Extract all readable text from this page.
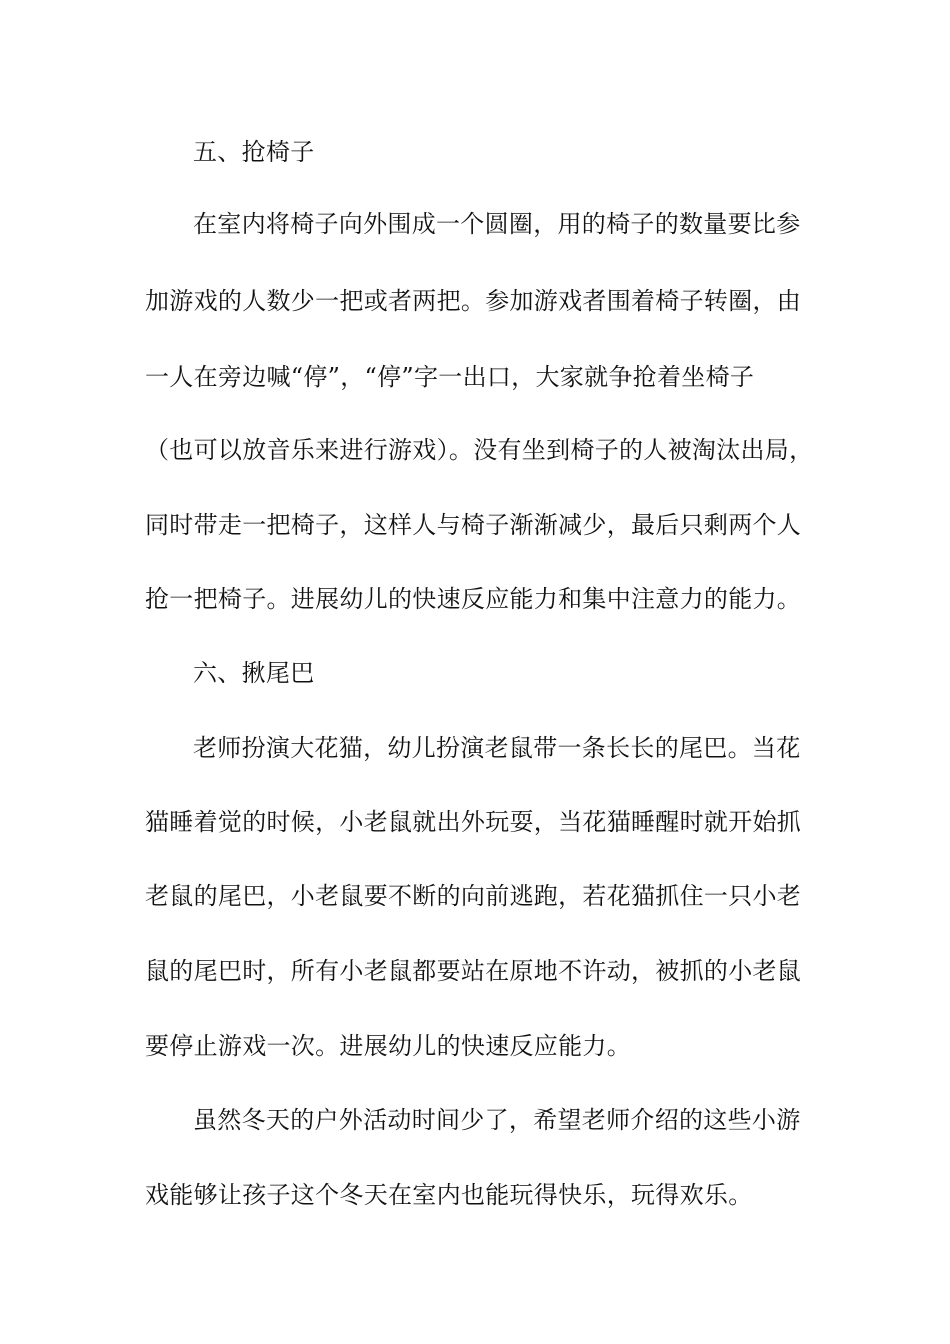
五、抢椅子
在室内将椅子向外围成一个圆圈，用的椅子的数量要比参
加游戏的人数少一把或者两把。参加游戏者围着椅子转圈，由
一人在旁边喊“停”，“停”字一出口，大家就争抢着坐椅子
（也可以放音乐来进行游戏）。没有坐到椅子的人被淘汰出局，
同时带走一把椅子，这样人与椅子渐渐减少，最后只剩两个人
抢一把椅子。进展幼儿的快速反应能力和集中注意力的能力。
六、揪尾巴
老师扮演大花猫，幼儿扮演老鼠带一条长长的尾巴。当花
猫睡着觉的时候，小老鼠就出外玩耍，当花猫睡醒时就开始抓
老鼠的尾巴，小老鼠要不断的向前逃跑，若花猫抓住一只小老
鼠的尾巴时，所有小老鼠都要站在原地不许动，被抓的小老鼠
要停止游戏一次。进展幼儿的快速反应能力。
虽然冬天的户外活动时间少了，希望老师介绍的这些小游
戏能够让孩子这个冬天在室内也能玩得快乐，玩得欢乐。
